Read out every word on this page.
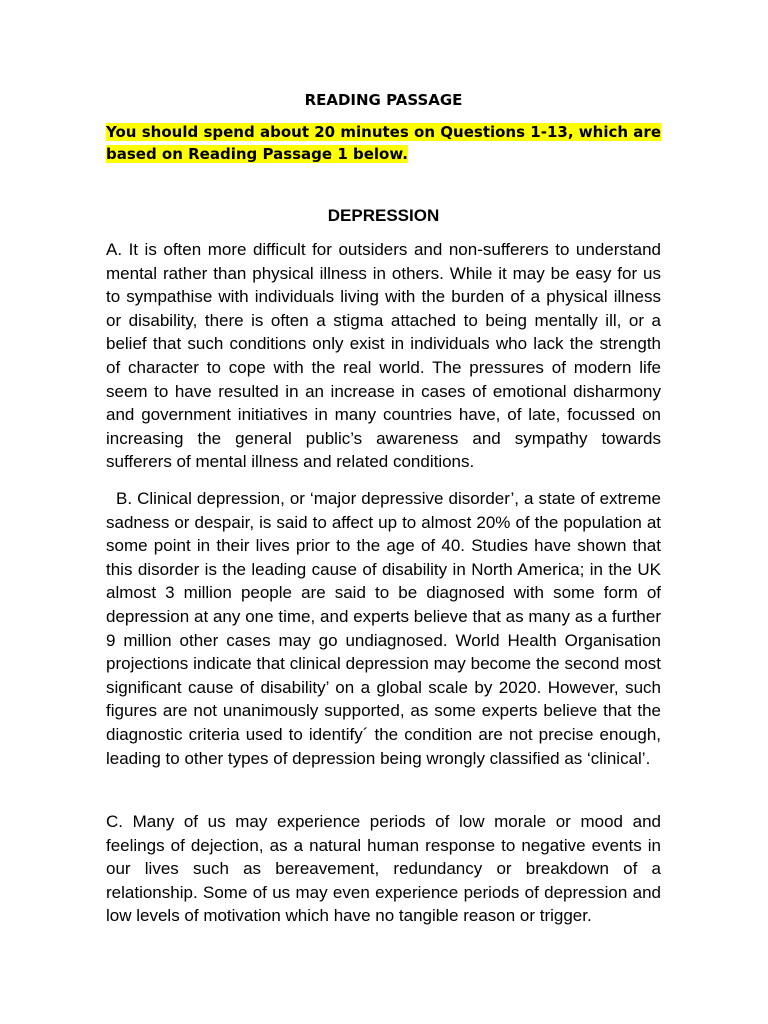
READING PASSAGE
You should spend about 20 minutes on Questions 1-13, which are based on Reading Passage 1 below.
DEPRESSION

A. It is often more difficult for outsiders and non-sufferers to understand mental rather than physical illness in others. While it may be easy for us to sympathise with individuals living with the burden of a physical illness or disability, there is often a stigma attached to being mentally ill, or a belief that such conditions only exist in individuals who lack the strength of character to cope with the real world. The pressures of modern life seem to have resulted in an increase in cases of emotional disharmony and government initiatives in many countries have, of late, focussed on increasing the general public’s awareness and sympathy towards sufferers of mental illness and related conditions.

B. Clinical depression, or ‘major depressive disorder’, a state of extreme sadness or despair, is said to affect up to almost 20% of the population at some point in their lives prior to the age of 40. Studies have shown that this disorder is the leading cause of disability in North America; in the UK almost 3 million people are said to be diagnosed with some form of depression at any one time, and experts believe that as many as a further 9 million other cases may go undiagnosed. World Health Organisation projections indicate that clinical depression may become the second most significant cause of disability’ on a global scale by 2020. However, such figures are not unanimously supported, as some experts believe that the diagnostic criteria used to identify´ the condition are not precise enough, leading to other types of depression being wrongly classified as ‘clinical’.

C. Many of us may experience periods of low morale or mood and feelings of dejection, as a natural human response to negative events in our lives such as bereavement, redundancy or breakdown of a relationship. Some of us may even experience periods of depression and low levels of motivation which have no tangible reason or trigger.
